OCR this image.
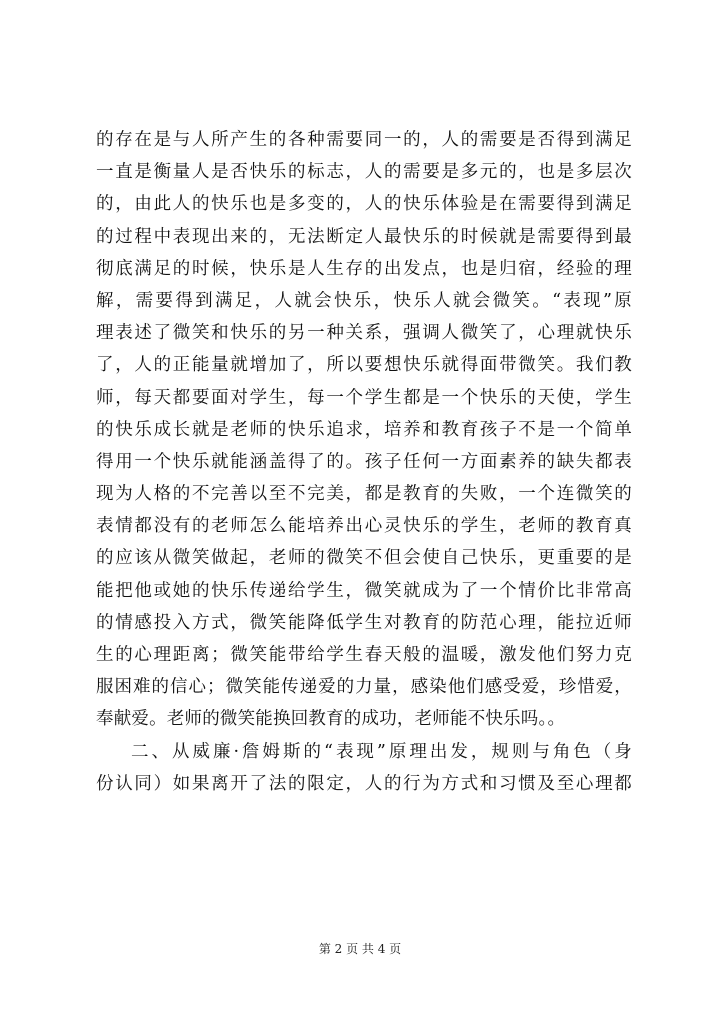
的存在是与人所产生的各种需要同一的，人的需要是否得到满足
一直是衡量人是否快乐的标志，人的需要是多元的，也是多层次
的，由此人的快乐也是多变的，人的快乐体验是在需要得到满足
的过程中表现出来的，无法断定人最快乐的时候就是需要得到最
彻底满足的时候，快乐是人生存的出发点，也是归宿，经验的理
解，需要得到满足，人就会快乐，快乐人就会微笑。“表现”原
理表述了微笑和快乐的另一种关系，强调人微笑了，心理就快乐
了，人的正能量就增加了，所以要想快乐就得面带微笑。我们教
师，每天都要面对学生，每一个学生都是一个快乐的天使，学生
的快乐成长就是老师的快乐追求，培养和教育孩子不是一个简单
得用一个快乐就能涵盖得了的。孩子任何一方面素养的缺失都表
现为人格的不完善以至不完美，都是教育的失败，一个连微笑的
表情都没有的老师怎么能培养出心灵快乐的学生，老师的教育真
的应该从微笑做起，老师的微笑不但会使自己快乐，更重要的是
能把他或她的快乐传递给学生，微笑就成为了一个情价比非常高
的情感投入方式，微笑能降低学生对教育的防范心理，能拉近师
生的心理距离；微笑能带给学生春天般的温暖，激发他们努力克
服困难的信心；微笑能传递爱的力量，感染他们感受爱，珍惜爱，
奉献爱。老师的微笑能换回教育的成功，老师能不快乐吗。。
二、从威廉·詹姆斯的“表现”原理出发，规则与角色（身
份认同）如果离开了法的限定，人的行为方式和习惯及至心理都
第 2 页 共 4 页
